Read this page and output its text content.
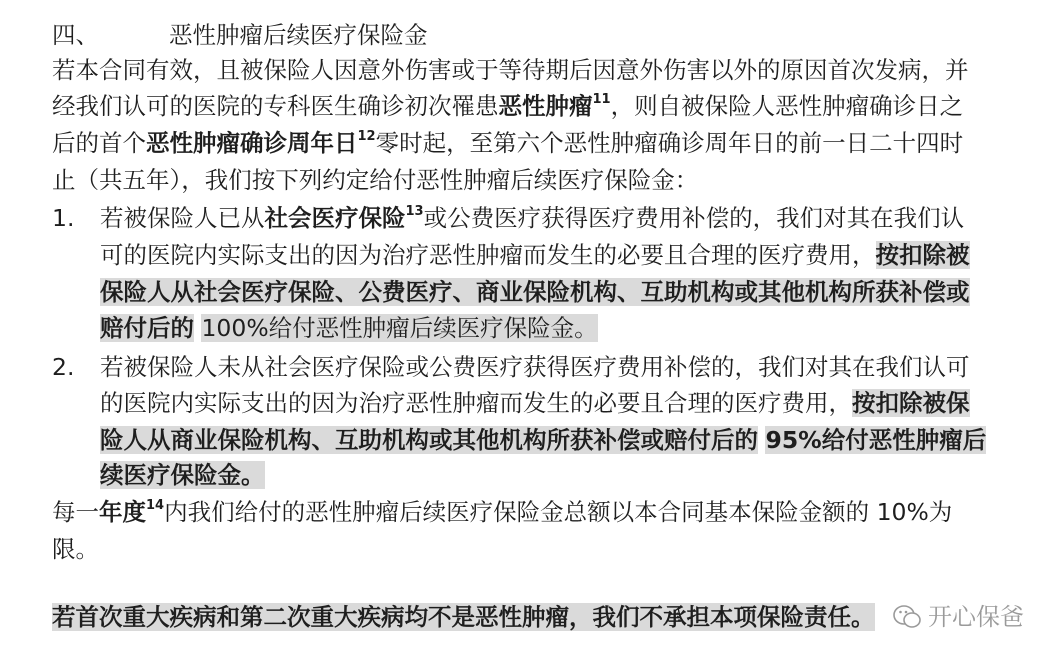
四、	恶性肿瘤后续医疗保险金
若本合同有效，且被保险人因意外伤害或于等待期后因意外伤害以外的原因首次发病，并
经我们认可的医院的专科医生确诊初次罹患恶性肿瘤$^{11}$，则自被保险人恶性肿瘤确诊日之
后的首个恶性肿瘤确诊周年日$^{12}$零时起，至第六个恶性肿瘤确诊周年日的前一日二十四时
止（共五年），我们按下列约定给付恶性肿瘤后续医疗保险金：
1. 若被保险人已从社会医疗保险$^{13}$或公费医疗获得医疗费用补偿的，我们对其在我们认
可的医院内实际支出的因为治疗恶性肿瘤而发生的必要且合理的医疗费用，按扣除被
保险人从社会医疗保险、公费医疗、商业保险机构、互助机构或其他机构所获补偿或
赔付后的 100%给付恶性肿瘤后续医疗保险金。
2. 若被保险人未从社会医疗保险或公费医疗获得医疗费用补偿的，我们对其在我们认可
的医院内实际支出的因为治疗恶性肿瘤而发生的必要且合理的医疗费用，按扣除被保
险人从商业保险机构、互助机构或其他机构所获补偿或赔付后的 95%给付恶性肿瘤后
续医疗保险金。
每一年度$^{14}$内我们给付的恶性肿瘤后续医疗保险金总额以本合同基本保险金额的 10%为
限。
若首次重大疾病和第二次重大疾病均不是恶性肿瘤，我们不承担本项保险责任。 开心保爸
